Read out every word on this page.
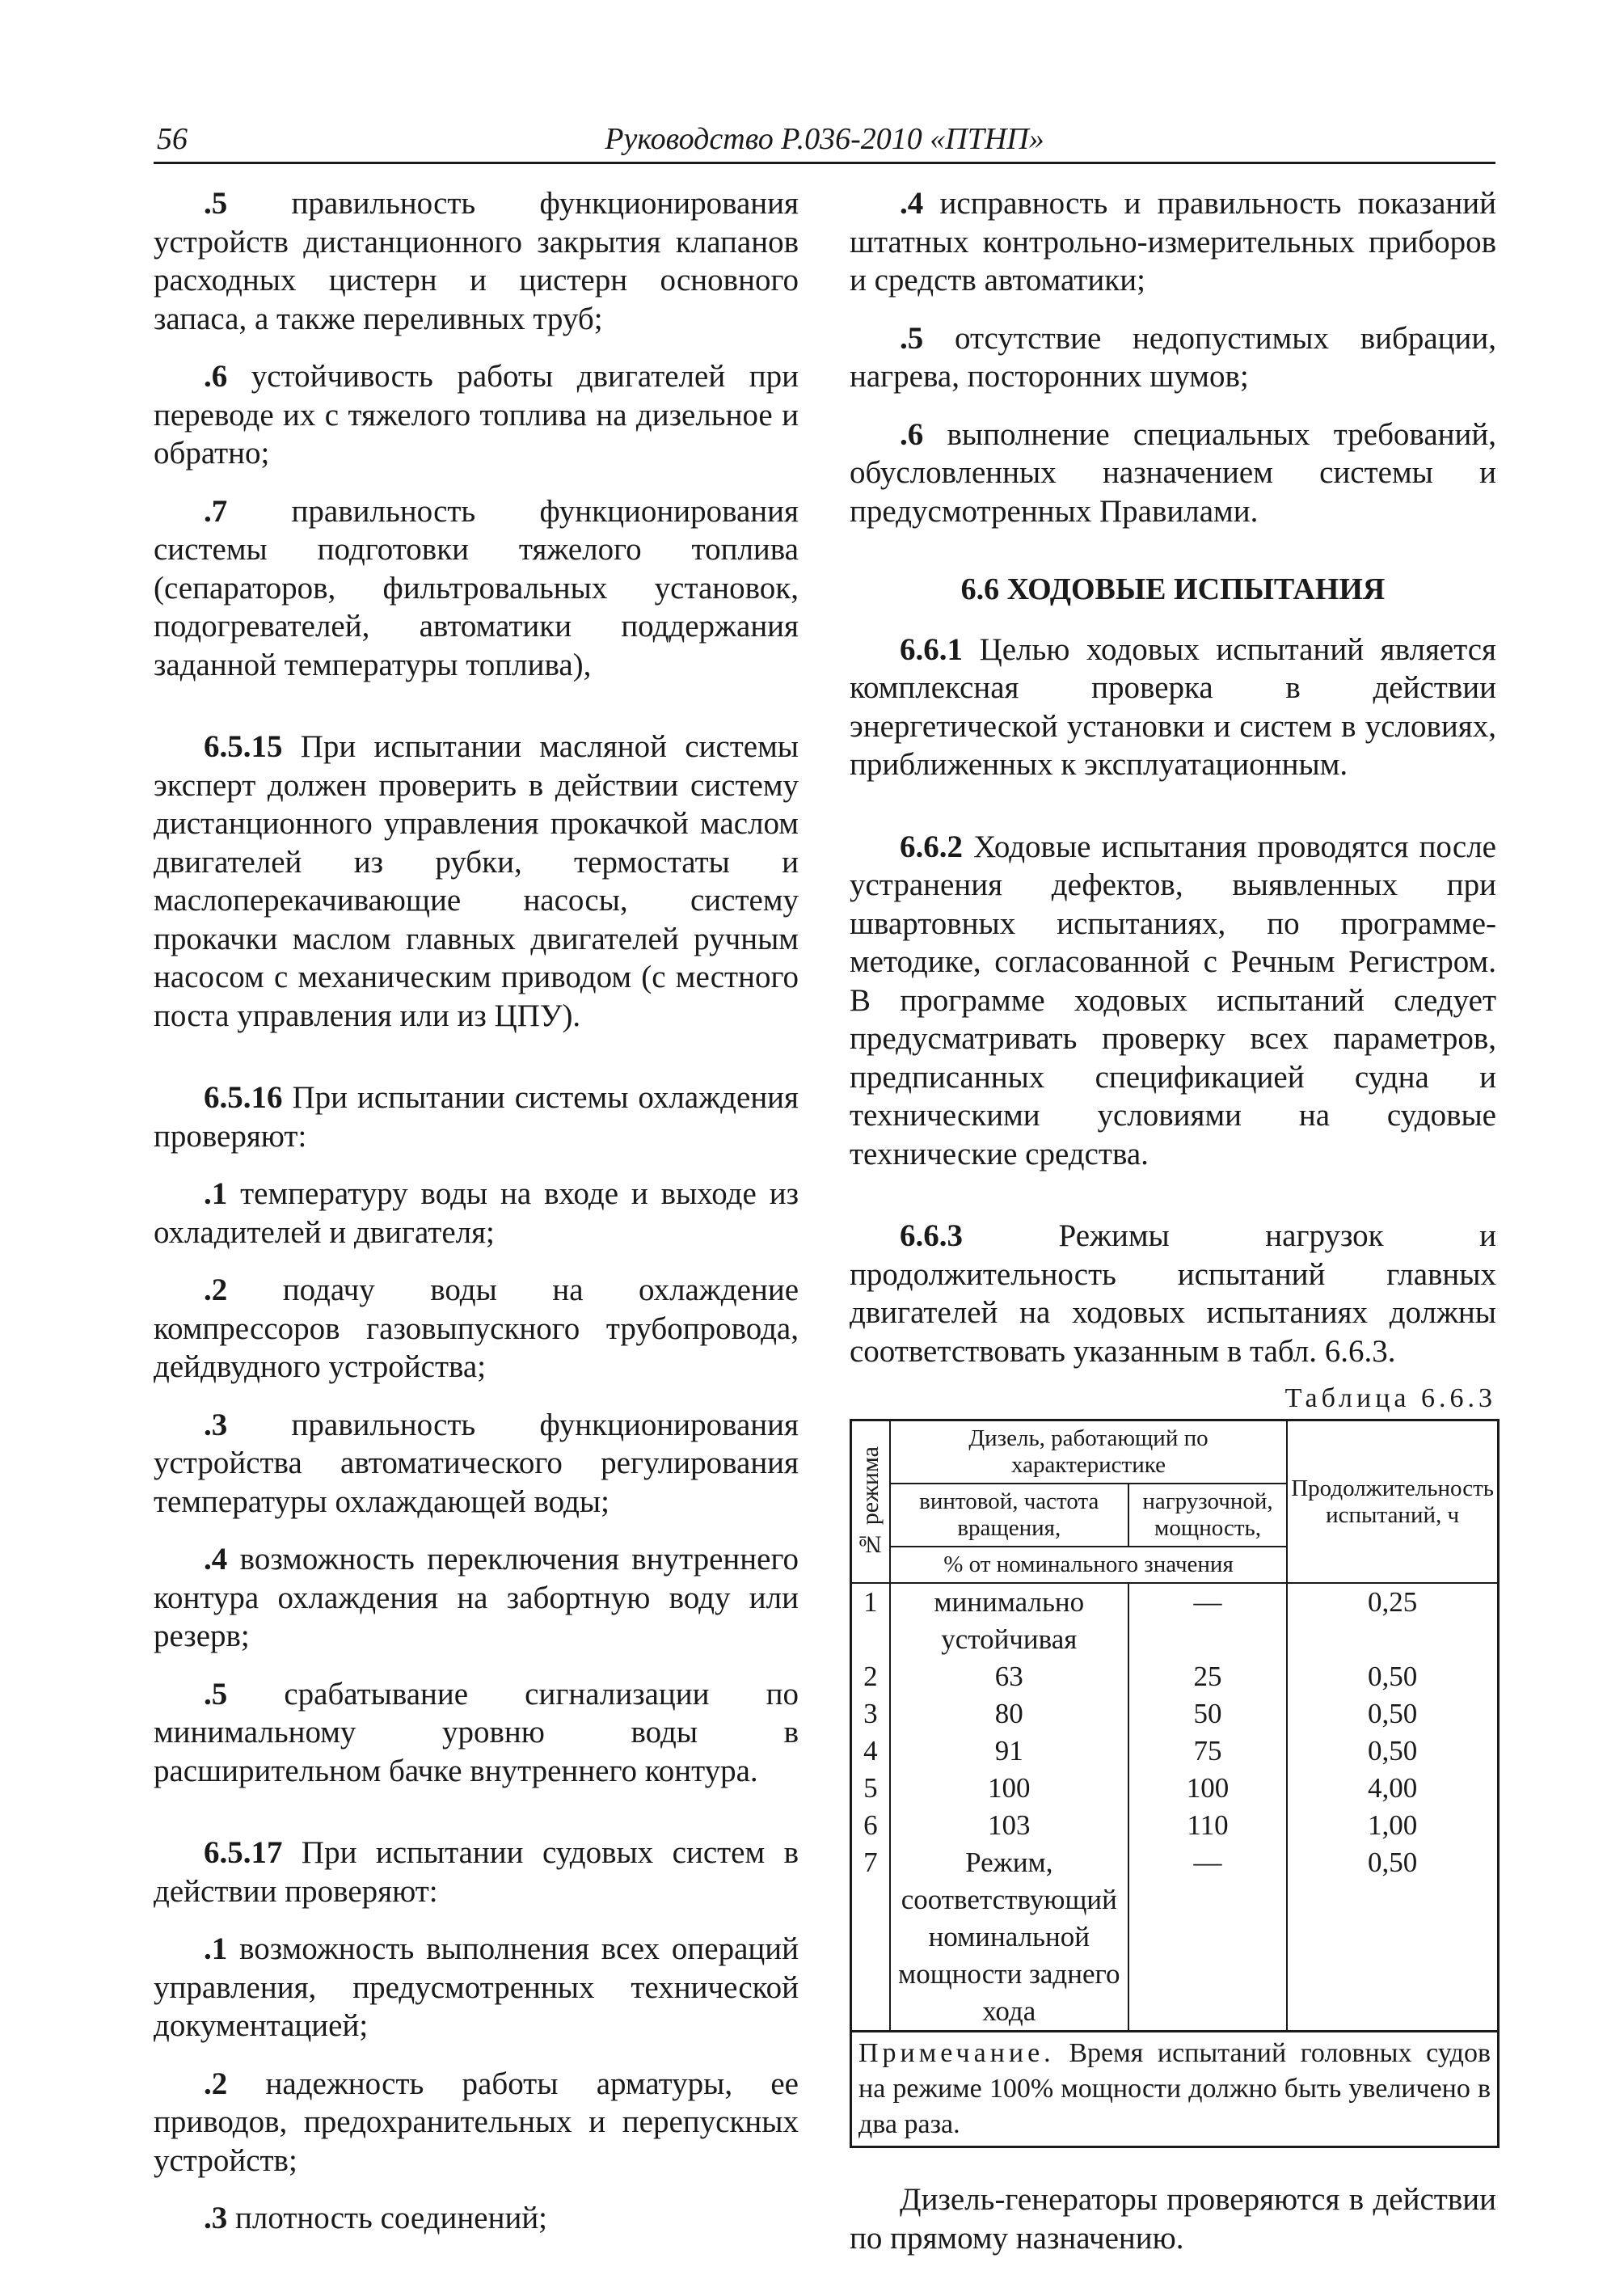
56	Руководство Р.036-2010 «ПТНП»

.5 правильность функционирования устройств дистанционного закрытия клапанов расходных цистерн и цистерн основного запаса, а также переливных труб;

.6 устойчивость работы двигателей при переводе их с тяжелого топлива на дизельное и обратно;

.7 правильность функционирования системы подготовки тяжелого топлива (сепараторов, фильтровальных установок, подогревателей, автоматики поддержания заданной температуры топлива),

6.5.15 При испытании масляной системы эксперт должен проверить в действии систему дистанционного управления прокачкой маслом двигателей из рубки, термостаты и маслоперекачивающие насосы, систему прокачки маслом главных двигателей ручным насосом с механическим приводом (с местного поста управления или из ЦПУ).

6.5.16 При испытании системы охлаждения проверяют:

.1 температуру воды на входе и выходе из охладителей и двигателя;

.2 подачу воды на охлаждение компрессоров газовыпускного трубопровода, дейдвудного устройства;

.3 правильность функционирования устройства автоматического регулирования температуры охлаждающей воды;

.4 возможность переключения внутреннего контура охлаждения на забортную воду или резерв;

.5 срабатывание сигнализации по минимальному уровню воды в расширительном бачке внутреннего контура.

6.5.17 При испытании судовых систем в действии проверяют:

.1 возможность выполнения всех операций управления, предусмотренных технической документацией;

.2 надежность работы арматуры, ее приводов, предохранительных и перепускных устройств;

.3 плотность соединений;

.4 исправность и правильность показаний штатных контрольно-измерительных приборов и средств автоматики;

.5 отсутствие недопустимых вибрации, нагрева, посторонних шумов;

.6 выполнение специальных требований, обусловленных назначением системы и предусмотренных Правилами.

6.6 ХОДОВЫЕ ИСПЫТАНИЯ

6.6.1 Целью ходовых испытаний является комплексная проверка в действии энергетической установки и систем в условиях, приближенных к эксплуатационным.

6.6.2 Ходовые испытания проводятся после устранения дефектов, выявленных при швартовных испытаниях, по программе-методике, согласованной с Речным Регистром. В программе ходовых испытаний следует предусматривать проверку всех параметров, предписанных спецификацией судна и техническими условиями на судовые технические средства.

6.6.3 Режимы нагрузок и продолжительность испытаний главных двигателей на ходовых испытаниях должны соответствовать указанным в табл. 6.6.3.

Таблица 6.6.3
№ режима	Дизель, работающий по характеристике		Продолжительность испытаний, ч
	винтовой, частота вращения,	нагрузочной, мощность,	
	% от номинального значения		
1	минимально устойчивая	—	0,25
2	63	25	0,50
3	80	50	0,50
4	91	75	0,50
5	100	100	4,00
6	103	110	1,00
7	Режим, соответствующий номинальной мощности заднего хода	—	0,50
Примечание. Время испытаний головных судов на режиме 100% мощности должно быть увеличено в два раза.			

Дизель-генераторы проверяются в действии по прямому назначению.
